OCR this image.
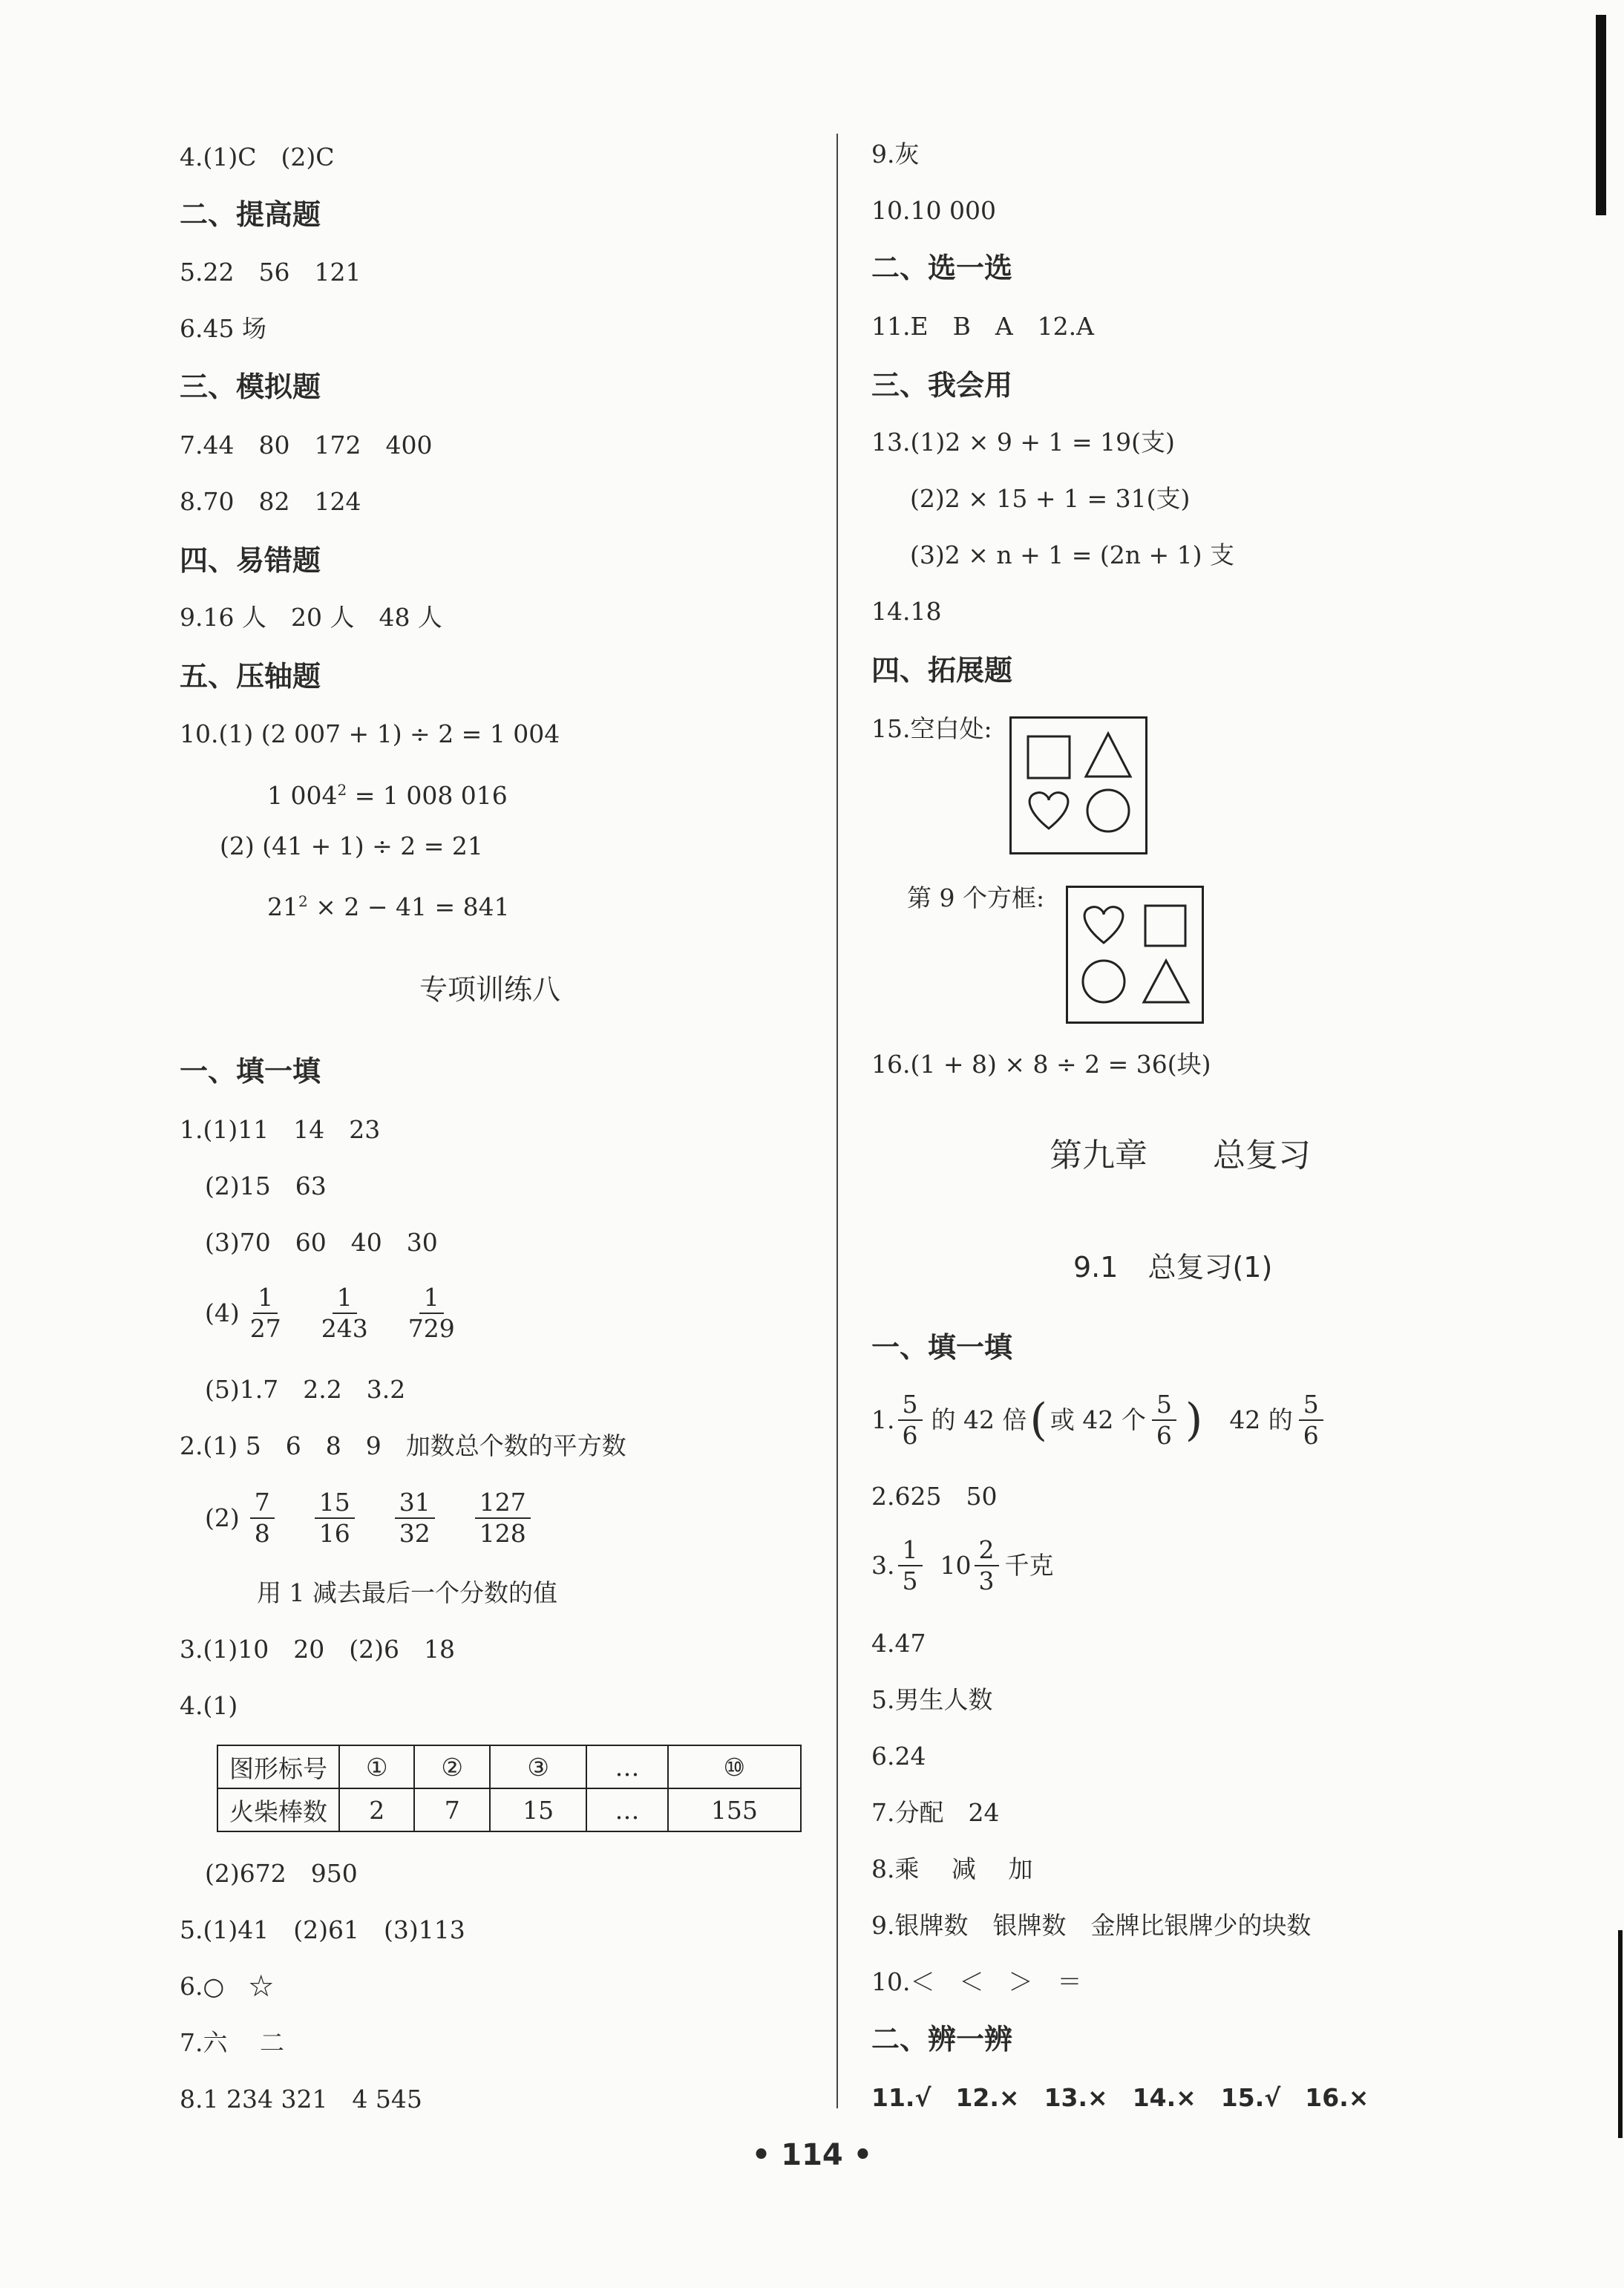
4.(1)C　(2)C
二、提高题
5.22　56　121
6.45 场
三、模拟题
7.44　80　172　400
8.70　82　124
四、易错题
9.16 人　20 人　48 人
五、压轴题
10.(1) (2 007 + 1) ÷ 2 = 1 004
1 $004^2 = 1$ 008 016
(2) (41 + 1) ÷ 2 = 21
$21^2 \times 2 - 41 = 841$
专项训练八
一、填一填
1.(1)11　14　23
(2)15　63
(3)70　60　40　30
$(4) \frac{1}{27} \frac{1}{243} \frac{1}{729}$
(5)1.7　2.2　3.2
2.(1) 5　6　8　9　加数总个数的平方数
$(2) \frac{7}{8} \frac{15}{16} \frac{31}{32} \frac{127}{128}$
用 1 减去最后一个分数的值
3.(1)10　20　(2)6　18
4.(1)
图形标号	①	②	③	…	⑩
火柴棒数	2	7	15	…	155
(2)672　950
5.(1)41　(2)61　(3)113
6.○　☆
7.六　 二
8.1 234 321　4 545
9.灰
10.10 000
二、选一选
11.E　B　A　12.A
三、我会用
13.(1)2 × 9 + 1 = 19(支)
(2)2 × 15 + 1 = 31(支)
(3)2 × n + 1 = (2n + 1) 支
14.18
四、拓展题
15.空白处:
第 9 个方框:
16.(1 + 8) × 8 ÷ 2 = 36(块)
第九章　　总复习
9.1 总复习(1)
一、填一填
1. $\frac{5}{6}$ 的 42 倍 ( 或 42 个 $\frac{5}{6}$ ) 42 的 $\frac{5}{6}$
2.625　50
3. $\frac{1}{5} 10 \frac{2}{3}$ 千克
4.47
5.男生人数
6.24
7.分配　24
8.乘　 减　 加
9.银牌数　银牌数　金牌比银牌少的块数
10.＜　＜　＞　＝
二、辨一辨
11.√　12.×　13.×　14.×　15.√　16.×
• 114 •
